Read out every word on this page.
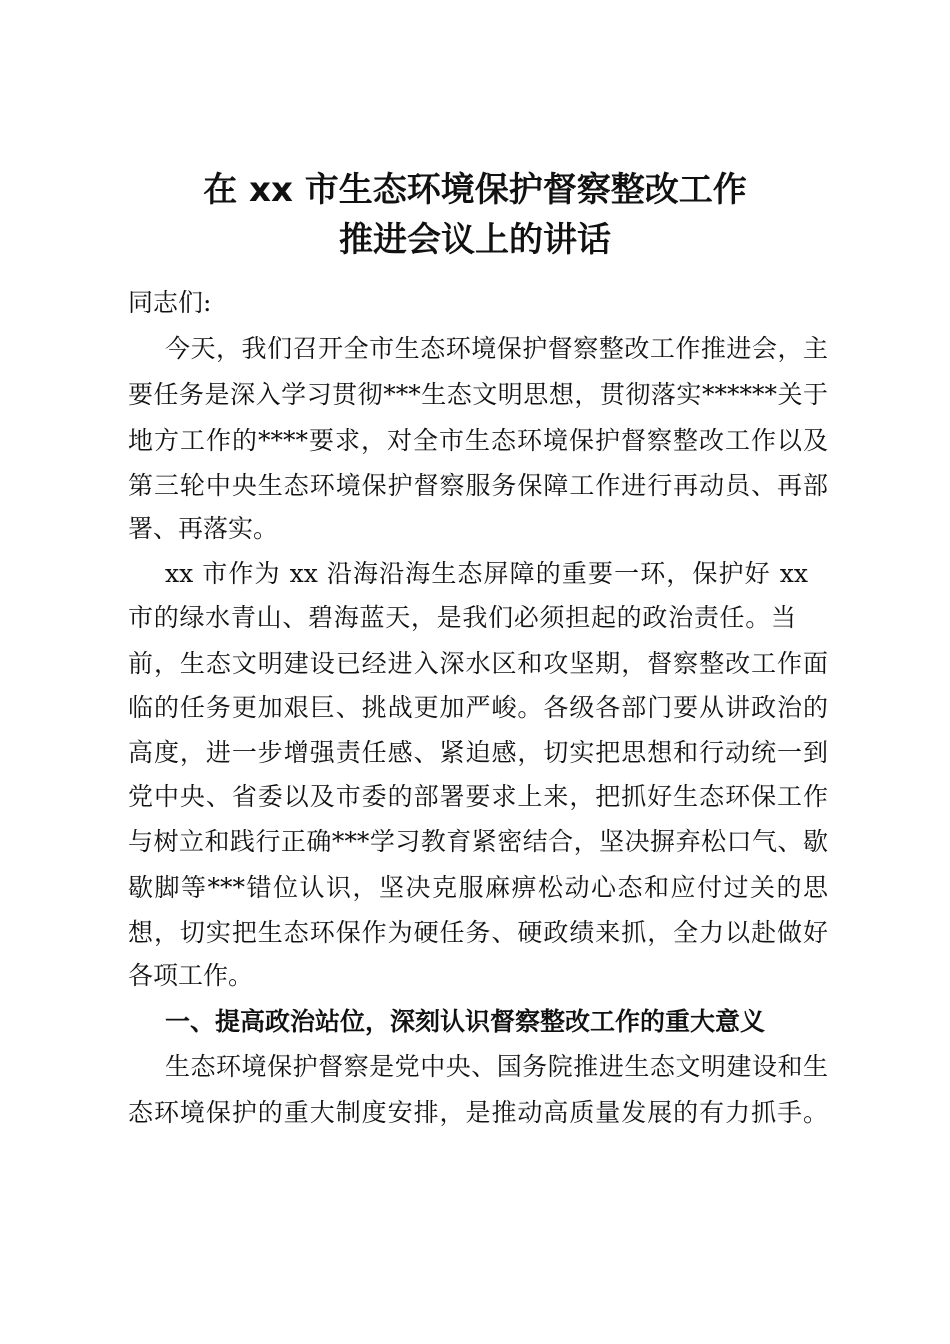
在 xx 市生态环境保护督察整改工作
推进会议上的讲话
同志们:
今天，我们召开全市生态环境保护督察整改工作推进会，主
要任务是深入学习贯彻***生态文明思想，贯彻落实******关于
地方工作的****要求，对全市生态环境保护督察整改工作以及
第三轮中央生态环境保护督察服务保障工作进行再动员、再部
署、再落实。
xx 市作为 xx 沿海沿海生态屏障的重要一环，保护好 xx
市的绿水青山、碧海蓝天，是我们必须担起的政治责任。当
前，生态文明建设已经进入深水区和攻坚期，督察整改工作面
临的任务更加艰巨、挑战更加严峻。各级各部门要从讲政治的
高度，进一步增强责任感、紧迫感，切实把思想和行动统一到
党中央、省委以及市委的部署要求上来，把抓好生态环保工作
与树立和践行正确***学习教育紧密结合，坚决摒弃松口气、歇
歇脚等***错位认识，坚决克服麻痹松动心态和应付过关的思
想，切实把生态环保作为硬任务、硬政绩来抓，全力以赴做好
各项工作。
一、提高政治站位，深刻认识督察整改工作的重大意义
生态环境保护督察是党中央、国务院推进生态文明建设和生
态环境保护的重大制度安排，是推动高质量发展的有力抓手。
